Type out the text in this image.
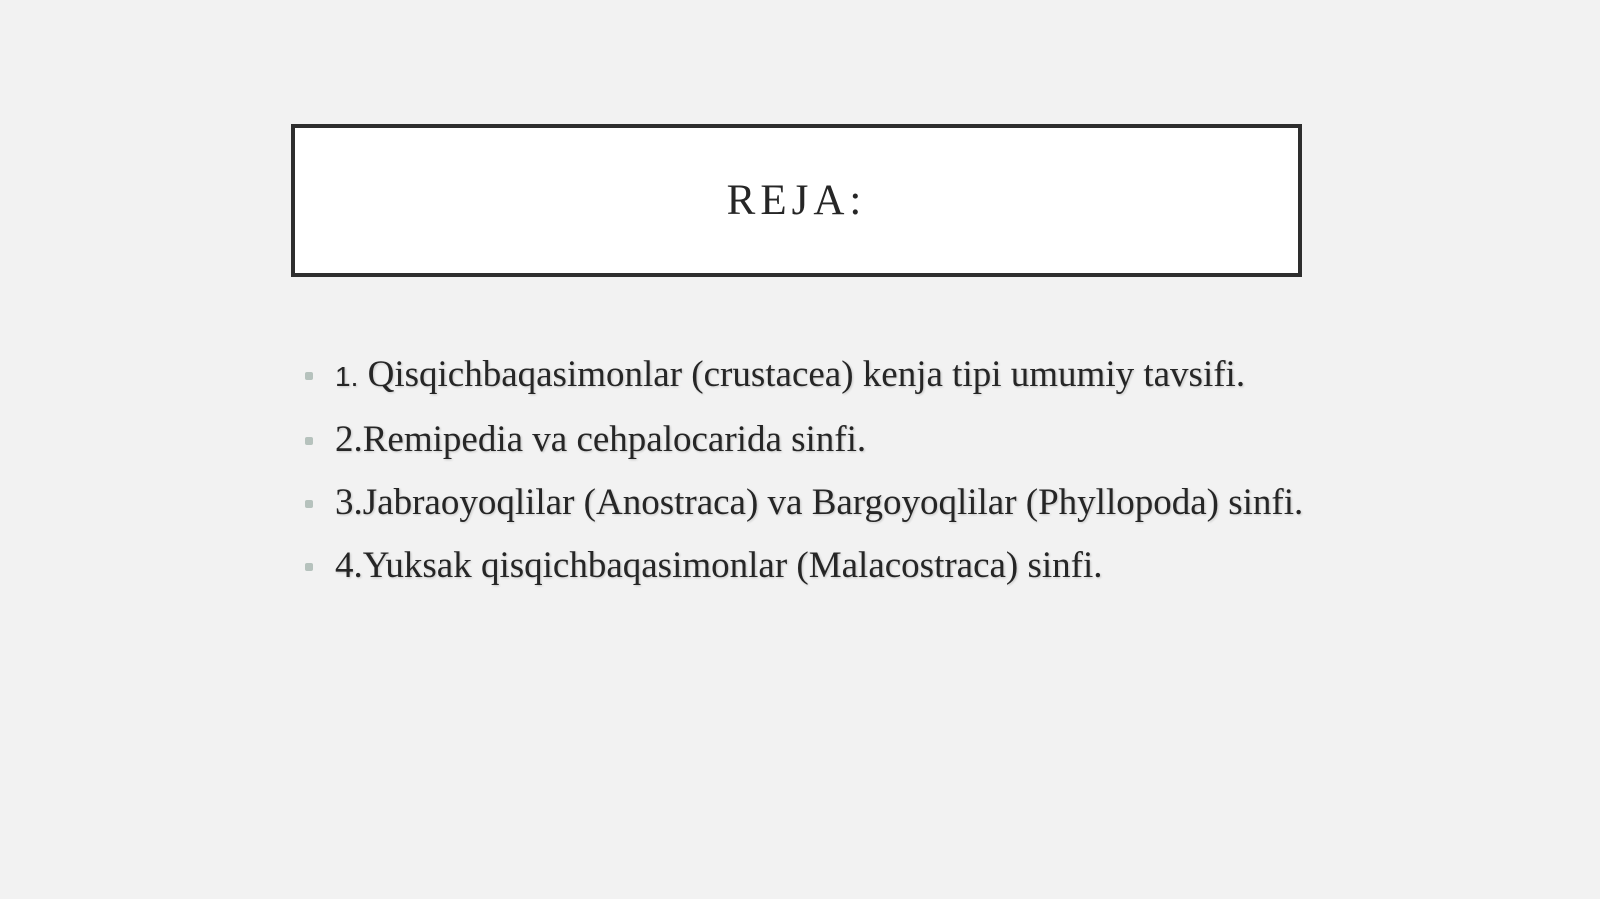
REJA:
1. Qisqichbaqasimonlar (crustacea) kenja tipi umumiy tavsifi.
2.Remipedia va cehpalocarida sinfi.
3.Jabraoyoqlilar (Anostraca) va Bargoyoqlilar (Phyllopoda) sinfi.
4.Yuksak qisqichbaqasimonlar (Malacostraca) sinfi.
